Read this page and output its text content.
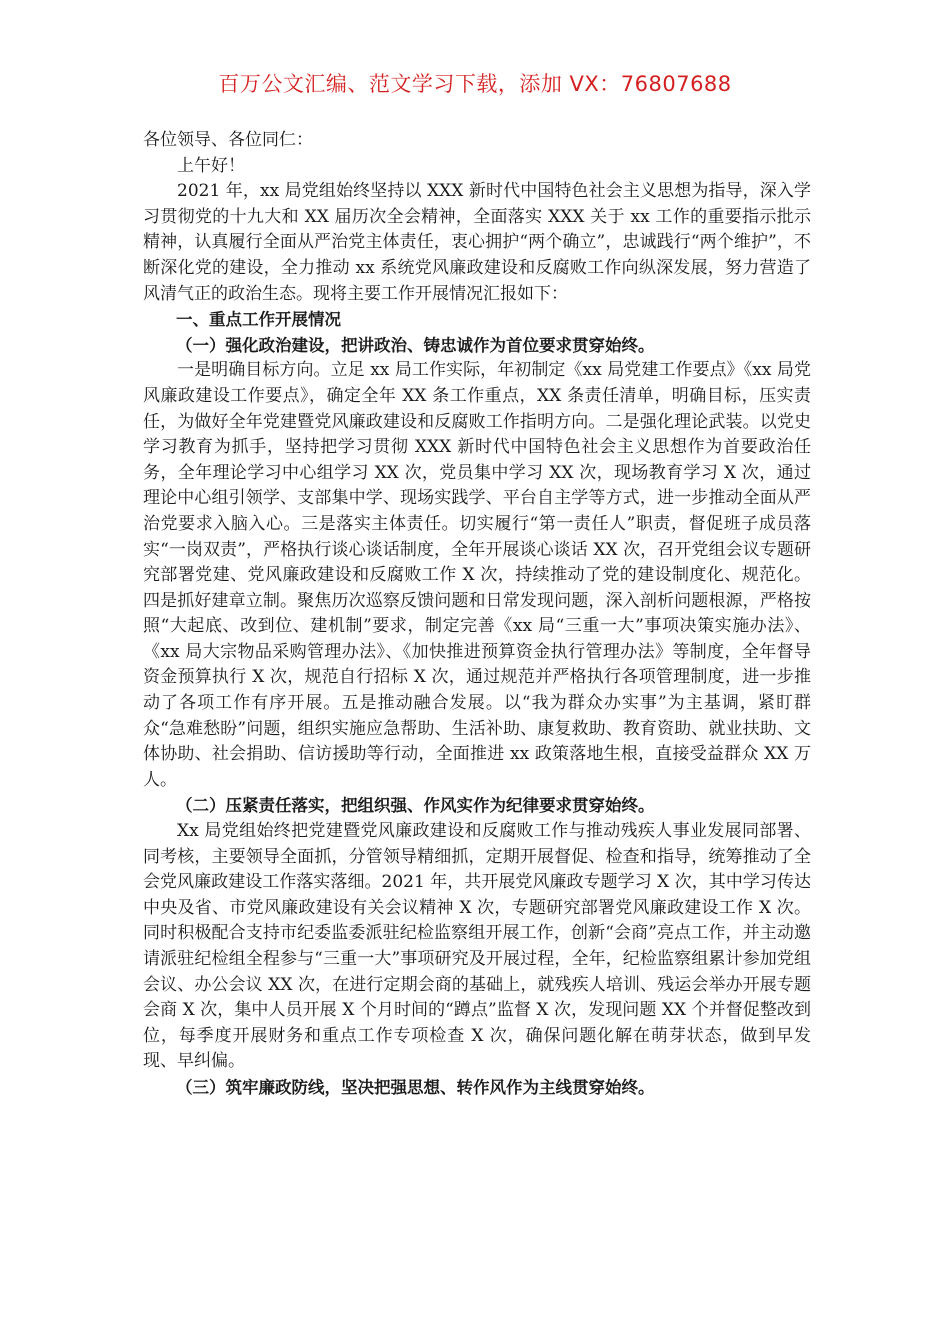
百万公文汇编、范文学习下载，添加 VX：76807688

各位领导、各位同仁：

上午好！

2021 年，xx 局党组始终坚持以 XXX 新时代中国特色社会主义思想为指导，深入学习贯彻党的十九大和 XX 届历次全会精神，全面落实 XXX 关于 xx 工作的重要指示批示精神，认真履行全面从严治党主体责任，衷心拥护“两个确立”，忠诚践行“两个维护”，不断深化党的建设，全力推动 xx 系统党风廉政建设和反腐败工作向纵深发展，努力营造了风清气正的政治生态。现将主要工作开展情况汇报如下：

一、重点工作开展情况

（一）强化政治建设，把讲政治、铸忠诚作为首位要求贯穿始终。

一是明确目标方向。立足 xx 局工作实际，年初制定《xx 局党建工作要点》《xx 局党风廉政建设工作要点》，确定全年 XX 条工作重点，XX 条责任清单，明确目标，压实责任，为做好全年党建暨党风廉政建设和反腐败工作指明方向。二是强化理论武装。以党史学习教育为抓手，坚持把学习贯彻 XXX 新时代中国特色社会主义思想作为首要政治任务，全年理论学习中心组学习 XX 次，党员集中学习 XX 次，现场教育学习 X 次，通过理论中心组引领学、支部集中学、现场实践学、平台自主学等方式，进一步推动全面从严治党要求入脑入心。三是落实主体责任。切实履行“第一责任人”职责，督促班子成员落实“一岗双责”，严格执行谈心谈话制度，全年开展谈心谈话 XX 次，召开党组会议专题研究部署党建、党风廉政建设和反腐败工作 X 次，持续推动了党的建设制度化、规范化。四是抓好建章立制。聚焦历次巡察反馈问题和日常发现问题，深入剖析问题根源，严格按照“大起底、改到位、建机制”要求，制定完善《xx 局“三重一大”事项决策实施办法》、《xx 局大宗物品采购管理办法》、《加快推进预算资金执行管理办法》等制度，全年督导资金预算执行 X 次，规范自行招标 X 次，通过规范并严格执行各项管理制度，进一步推动了各项工作有序开展。五是推动融合发展。以“我为群众办实事”为主基调，紧盯群众“急难愁盼”问题，组织实施应急帮助、生活补助、康复救助、教育资助、就业扶助、文体协助、社会捐助、信访援助等行动，全面推进 xx 政策落地生根，直接受益群众 XX 万人。

（二）压紧责任落实，把组织强、作风实作为纪律要求贯穿始终。

Xx 局党组始终把党建暨党风廉政建设和反腐败工作与推动残疾人事业发展同部署、同考核，主要领导全面抓，分管领导精细抓，定期开展督促、检查和指导，统筹推动了全会党风廉政建设工作落实落细。2021 年，共开展党风廉政专题学习 X 次，其中学习传达中央及省、市党风廉政建设有关会议精神 X 次，专题研究部署党风廉政建设工作 X 次。同时积极配合支持市纪委监委派驻纪检监察组开展工作，创新“会商”亮点工作，并主动邀请派驻纪检组全程参与“三重一大”事项研究及开展过程，全年，纪检监察组累计参加党组会议、办公会议 XX 次，在进行定期会商的基础上，就残疾人培训、残运会举办开展专题会商 X 次，集中人员开展 X 个月时间的“蹲点”监督 X 次，发现问题 XX 个并督促整改到位，每季度开展财务和重点工作专项检查 X 次，确保问题化解在萌芽状态，做到早发现、早纠偏。

（三）筑牢廉政防线，坚决把强思想、转作风作为主线贯穿始终。
